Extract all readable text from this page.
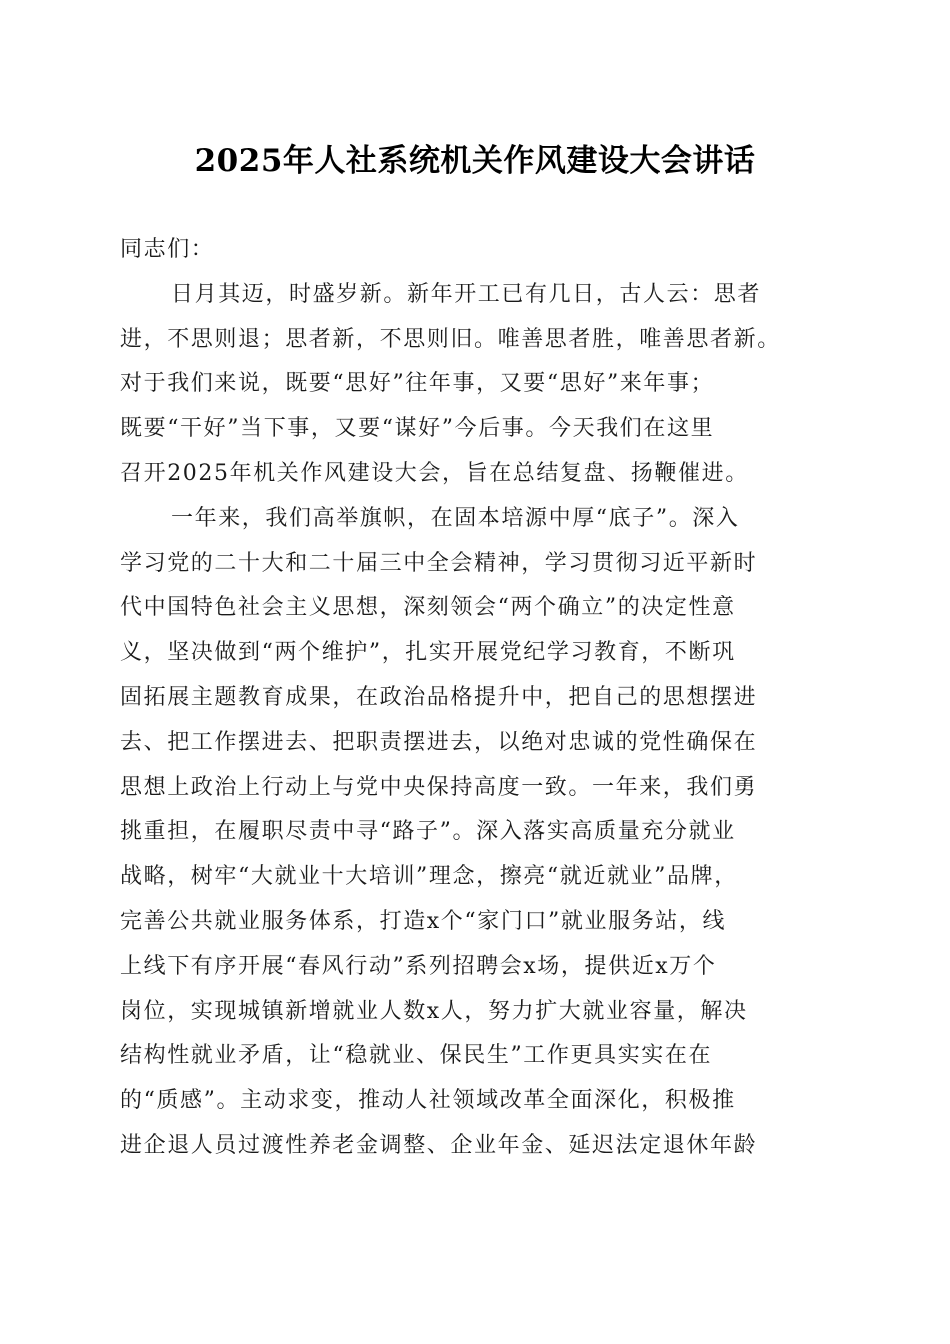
2025年人社系统机关作风建设大会讲话
同志们：
日月其迈，时盛岁新。新年开工已有几日，古人云：思者
进，不思则退；思者新，不思则旧。唯善思者胜，唯善思者新。
对于我们来说，既要“思好”往年事，又要“思好”来年事；
既要“干好”当下事，又要“谋好”今后事。今天我们在这里
召开2025年机关作风建设大会，旨在总结复盘、扬鞭催进。
一年来，我们高举旗帜，在固本培源中厚“底子”。深入
学习党的二十大和二十届三中全会精神，学习贯彻习近平新时
代中国特色社会主义思想，深刻领会“两个确立”的决定性意
义，坚决做到“两个维护”，扎实开展党纪学习教育，不断巩
固拓展主题教育成果，在政治品格提升中，把自己的思想摆进
去、把工作摆进去、把职责摆进去，以绝对忠诚的党性确保在
思想上政治上行动上与党中央保持高度一致。一年来，我们勇
挑重担，在履职尽责中寻“路子”。深入落实高质量充分就业
战略，树牢“大就业十大培训”理念，擦亮“就近就业”品牌，
完善公共就业服务体系，打造x个“家门口”就业服务站，线
上线下有序开展“春风行动”系列招聘会x场，提供近x万个
岗位，实现城镇新增就业人数x人，努力扩大就业容量，解决
结构性就业矛盾，让“稳就业、保民生”工作更具实实在在
的“质感”。主动求变，推动人社领域改革全面深化，积极推
进企退人员过渡性养老金调整、企业年金、延迟法定退休年龄
